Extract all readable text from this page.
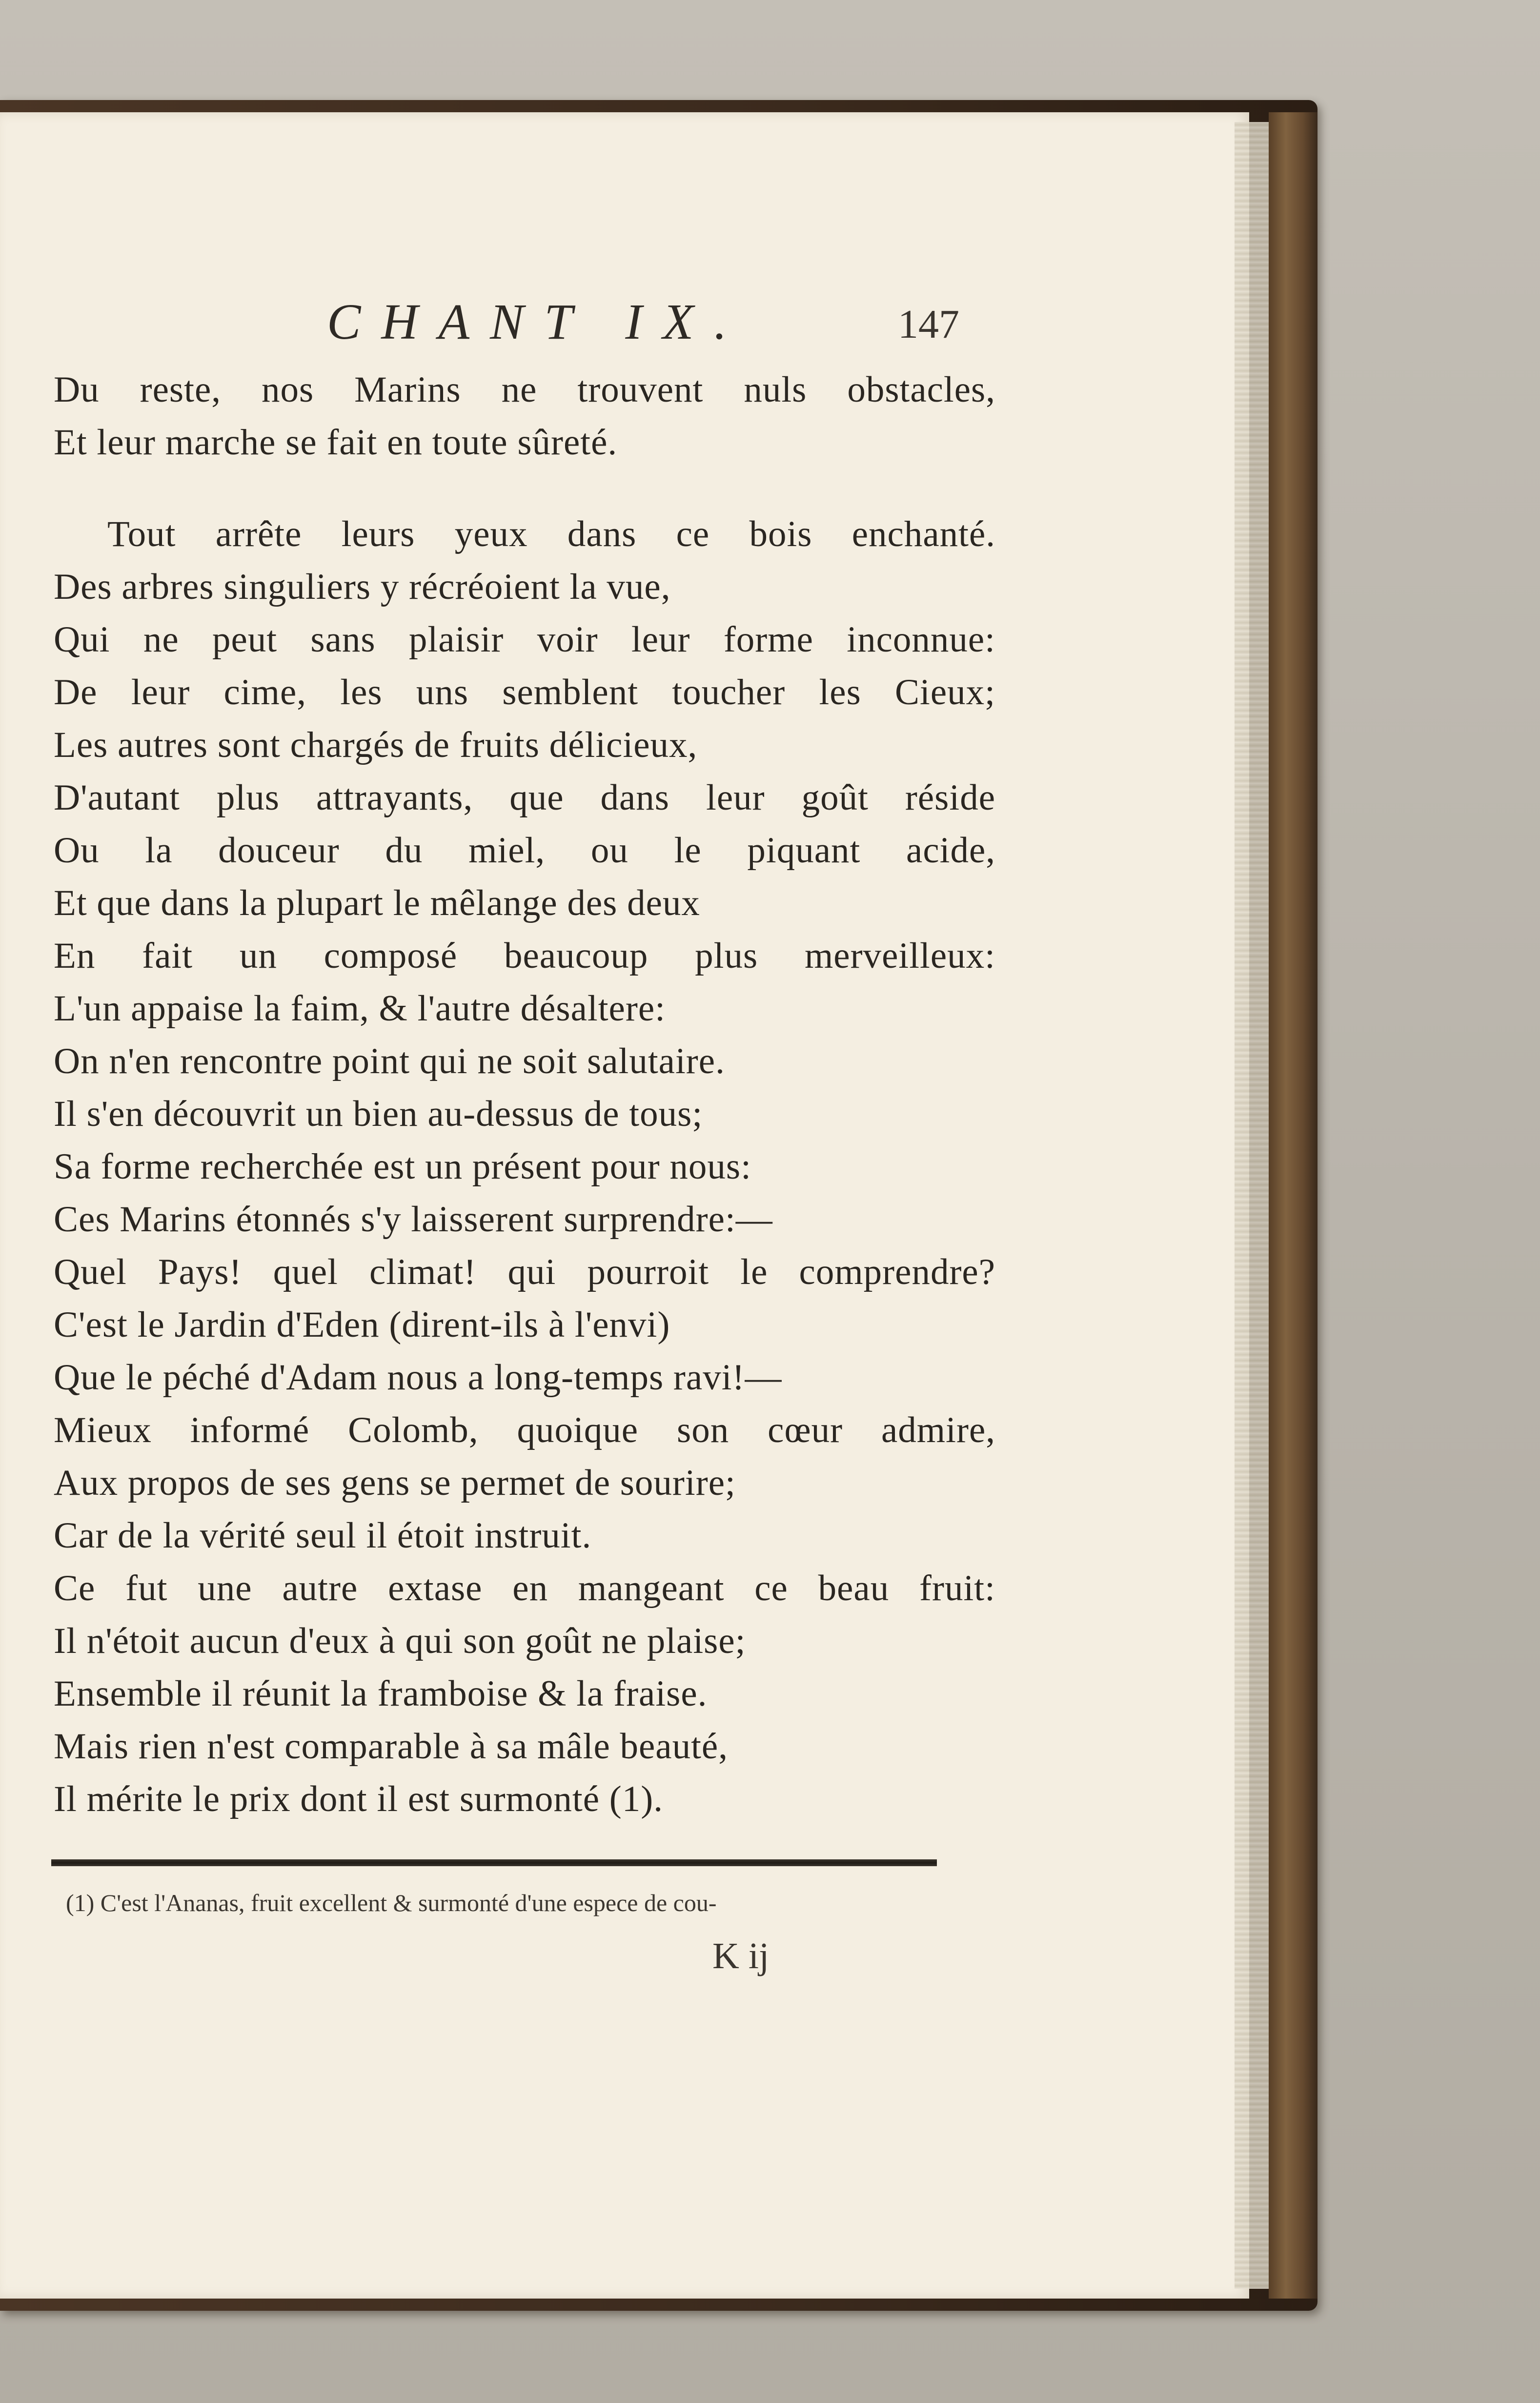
CHANT IX.	147
Du reste, nos Marins ne trouvent nuls obstacles,
Et leur marche se fait en toute sûreté.
Tout arrête leurs yeux dans ce bois enchanté.
Des arbres singuliers y récréoient la vue,
Qui ne peut sans plaisir voir leur forme inconnue:
De leur cime, les uns semblent toucher les Cieux;
Les autres sont chargés de fruits délicieux,
D'autant plus attrayants, que dans leur goût réside
Ou la douceur du miel, ou le piquant acide,
Et que dans la plupart le mêlange des deux
En fait un composé beaucoup plus merveilleux:
L'un appaise la faim, & l'autre désaltere:
On n'en rencontre point qui ne soit salutaire.
Il s'en découvrit un bien au-dessus de tous;
Sa forme recherchée est un présent pour nous:
Ces Marins étonnés s'y laisserent surprendre:—
Quel Pays! quel climat! qui pourroit le comprendre?
C'est le Jardin d'Eden (dirent-ils à l'envi)
Que le péché d'Adam nous a long-temps ravi!—
Mieux informé Colomb, quoique son cœur admire,
Aux propos de ses gens se permet de sourire;
Car de la vérité seul il étoit instruit.
Ce fut une autre extase en mangeant ce beau fruit:
Il n'étoit aucun d'eux à qui son goût ne plaise;
Ensemble il réunit la framboise & la fraise.
Mais rien n'est comparable à sa mâle beauté,
Il mérite le prix dont il est surmonté (1).
(1) C'est l'Ananas, fruit excellent & surmonté d'une espece de cou-
K ij
